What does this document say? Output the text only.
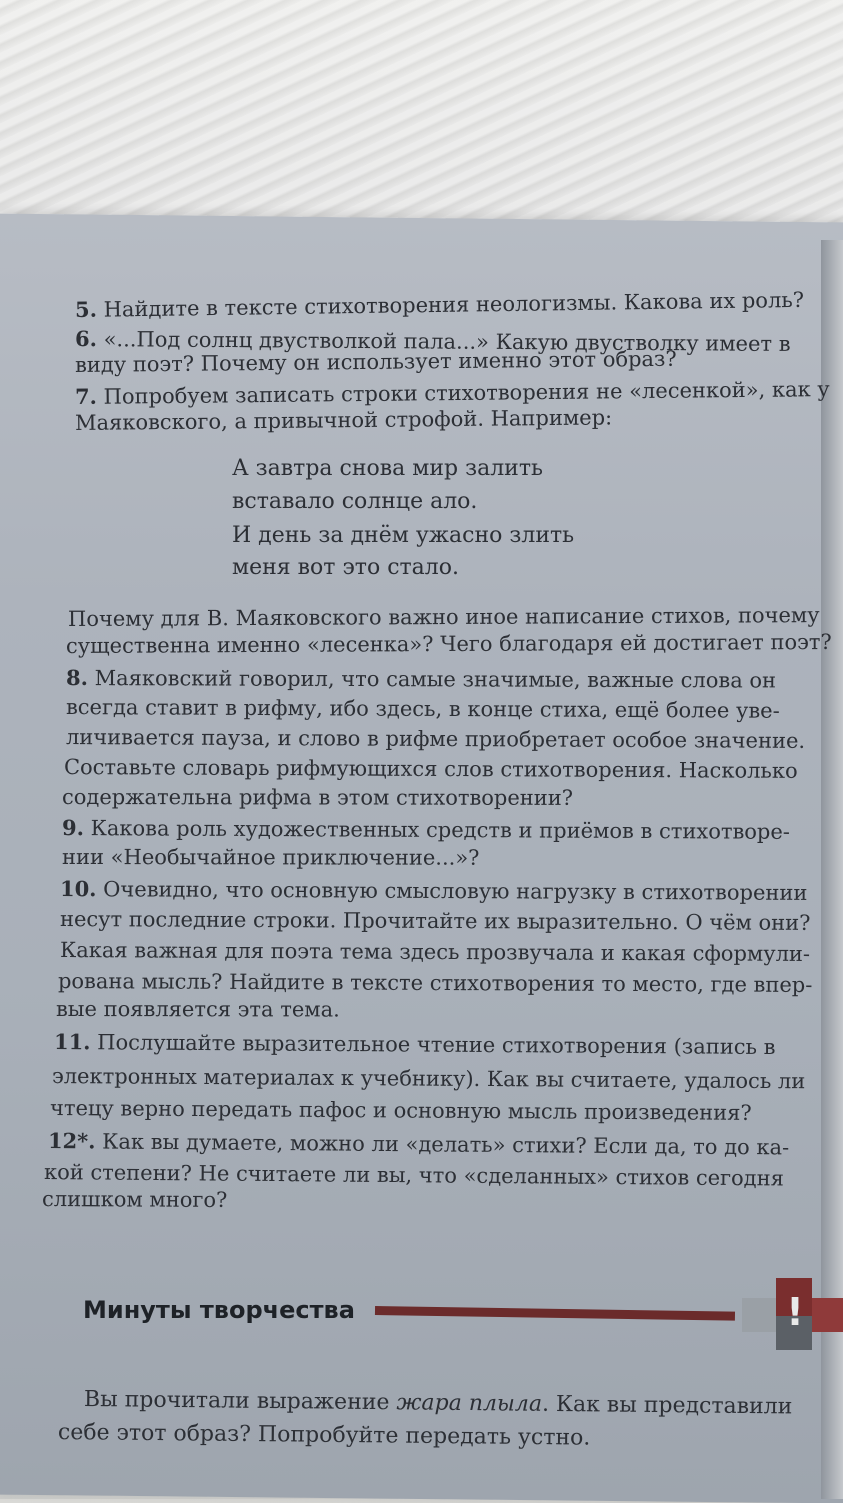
5. Найдите в тексте стихотворения неологизмы. Какова их роль?
6. «...Под солнц двустволкой пала...» Какую двустволку имеет в
виду поэт? Почему он использует именно этот образ?
7. Попробуем записать строки стихотворения не «лесенкой», как у
Маяковского, а привычной строфой. Например:
А завтра снова мир залить
вставало солнце ало.
И день за днём ужасно злить
меня вот это стало.
Почему для В. Маяковского важно иное написание стихов, почему
существенна именно «лесенка»? Чего благодаря ей достигает поэт?
8. Маяковский говорил, что самые значимые, важные слова он
всегда ставит в рифму, ибо здесь, в конце стиха, ещё более уве-
личивается пауза, и слово в рифме приобретает особое значение.
Составьте словарь рифмующихся слов стихотворения. Насколько
содержательна рифма в этом стихотворении?
9. Какова роль художественных средств и приёмов в стихотворе-
нии «Необычайное приключение...»?
10. Очевидно, что основную смысловую нагрузку в стихотворении
несут последние строки. Прочитайте их выразительно. О чём они?
Какая важная для поэта тема здесь прозвучала и какая сформули-
рована мысль? Найдите в тексте стихотворения то место, где впер-
вые появляется эта тема.
11. Послушайте выразительное чтение стихотворения (запись в
электронных материалах к учебнику). Как вы считаете, удалось ли
чтецу верно передать пафос и основную мысль произведения?
12*. Как вы думаете, можно ли «делать» стихи? Если да, то до ка-
кой степени? Не считаете ли вы, что «сделанных» стихов сегодня
слишком много?
Минуты творчества	!
Вы прочитали выражение жара плыла. Как вы представили
себе этот образ? Попробуйте передать устно.
